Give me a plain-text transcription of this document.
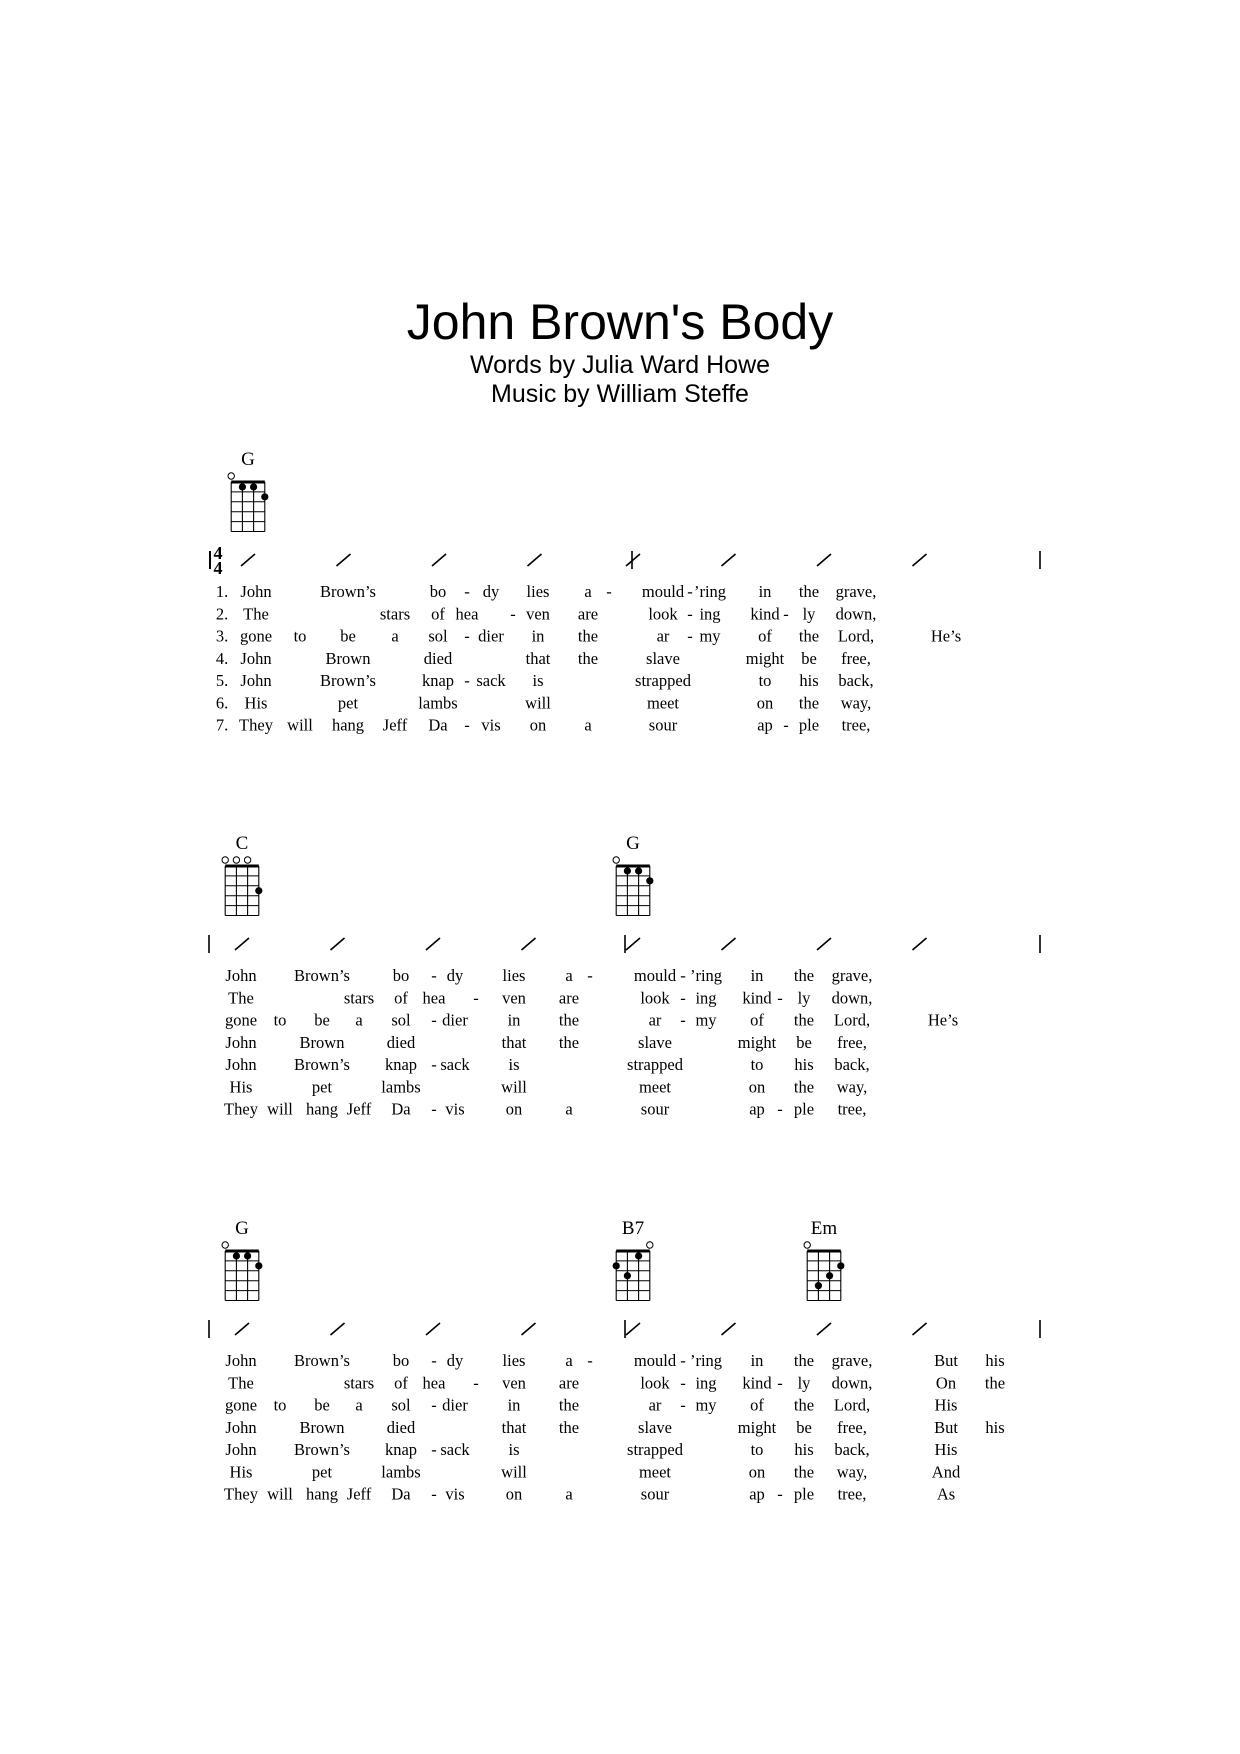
John Brown's Body
Words by Julia Ward Howe
Music by William Steffe
4
4
1.
2.
3.
4.
5.
6.
7.
John	Brown’s	bo - dy lies a - mould - ’ring in the grave,
The	stars of hea - ven are	look - ing kind - ly down,
gone to be a sol - dier in the	ar - my of the Lord,	He’s
John	Brown	died	that the	slave	might be free,
John	Brown’s	knap - sack is	strapped	to his back,
His	pet	lambs	will	meet	on the way,
They will hang Jeff Da - vis on a	sour	ap - ple tree,
G
John Brown’s	bo - dy lies a - mould - ’ring in the grave,
The	stars of hea - ven are	look - ing kind - ly down,
gone to be a sol - dier in the	ar - my of the Lord,	He’s
John	Brown	died	that the	slave	might be free,
John Brown’s knap - sack is	strapped	to his back,
His	pet	lambs	will	meet	on the way,
They will hang Jeff Da - vis on	a	sour	ap - ple tree,
C	G
John Brown’s	bo - dy lies a - mould - ’ring in the grave,	But his
The	stars of hea - ven are	look - ing kind - ly down,	On the
gone to be a sol - dier in the	ar - my of the Lord,	His
John	Brown	died	that the	slave	might be free,	But his
John Brown’s knap - sack is	strapped	to his back,	His
His	pet	lambs	will	meet	on the way,	And
They will hang Jeff Da - vis on	a	sour	ap - ple tree,	As
G	B7	Em
